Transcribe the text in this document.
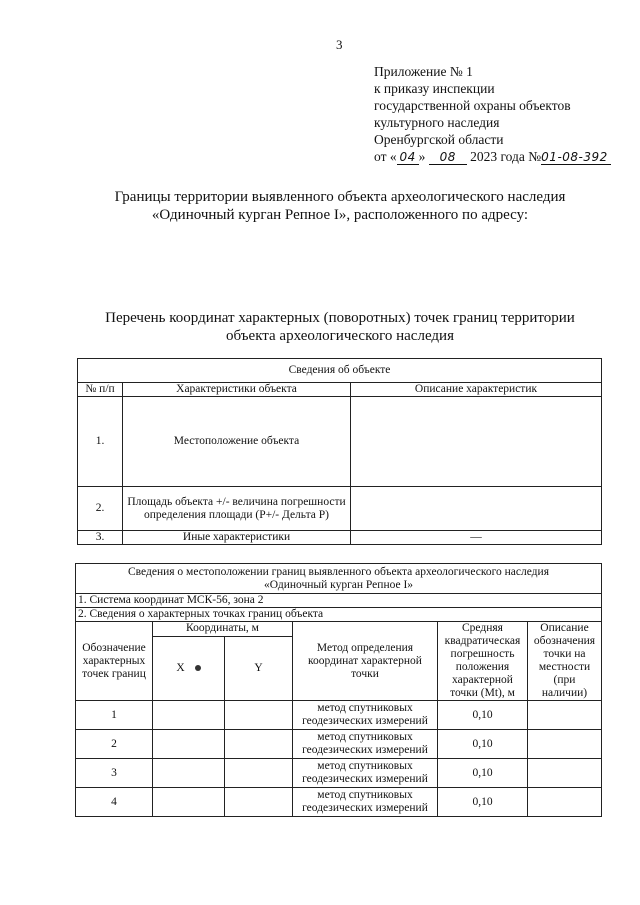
3
Приложение № 1
к приказу инспекции
государственной охраны объектов
культурного наследия
Оренбургской области
от « 04 » 08 2023 года №01-08-392
Границы территории выявленного объекта археологического наследия
«Одиночный курган Репное I», расположенного по адресу:
Перечень координат характерных (поворотных) точек границ территории
объекта археологического наследия
Сведения об объекте		
№ п/п	Характеристики объекта	Описание характеристик
1.	Местоположение объекта	
2.	Площадь объекта +/- величина погрешности определения площади (P+/- Дельта P)	
3.	Иные характеристики	—
Сведения о местоположении границ выявленного объекта археологического наследия
«Одиночный курган Репное I»					

1. Система координат МСК-56, зона 2					
2. Сведения о характерных точках границ объекта					
Обозначение характерных точек границ	Координаты, м		Метод определения координат характерной точки	Средняя квадратическая погрешность положения характерной точки (Mt), м	Описание обозначения точки на местности (при наличии)
	X	Y			
1			метод спутниковых геодезических измерений	0,10	
2			метод спутниковых геодезических измерений	0,10	
3			метод спутниковых геодезических измерений	0,10	
4			метод спутниковых геодезических измерений	0,10	
